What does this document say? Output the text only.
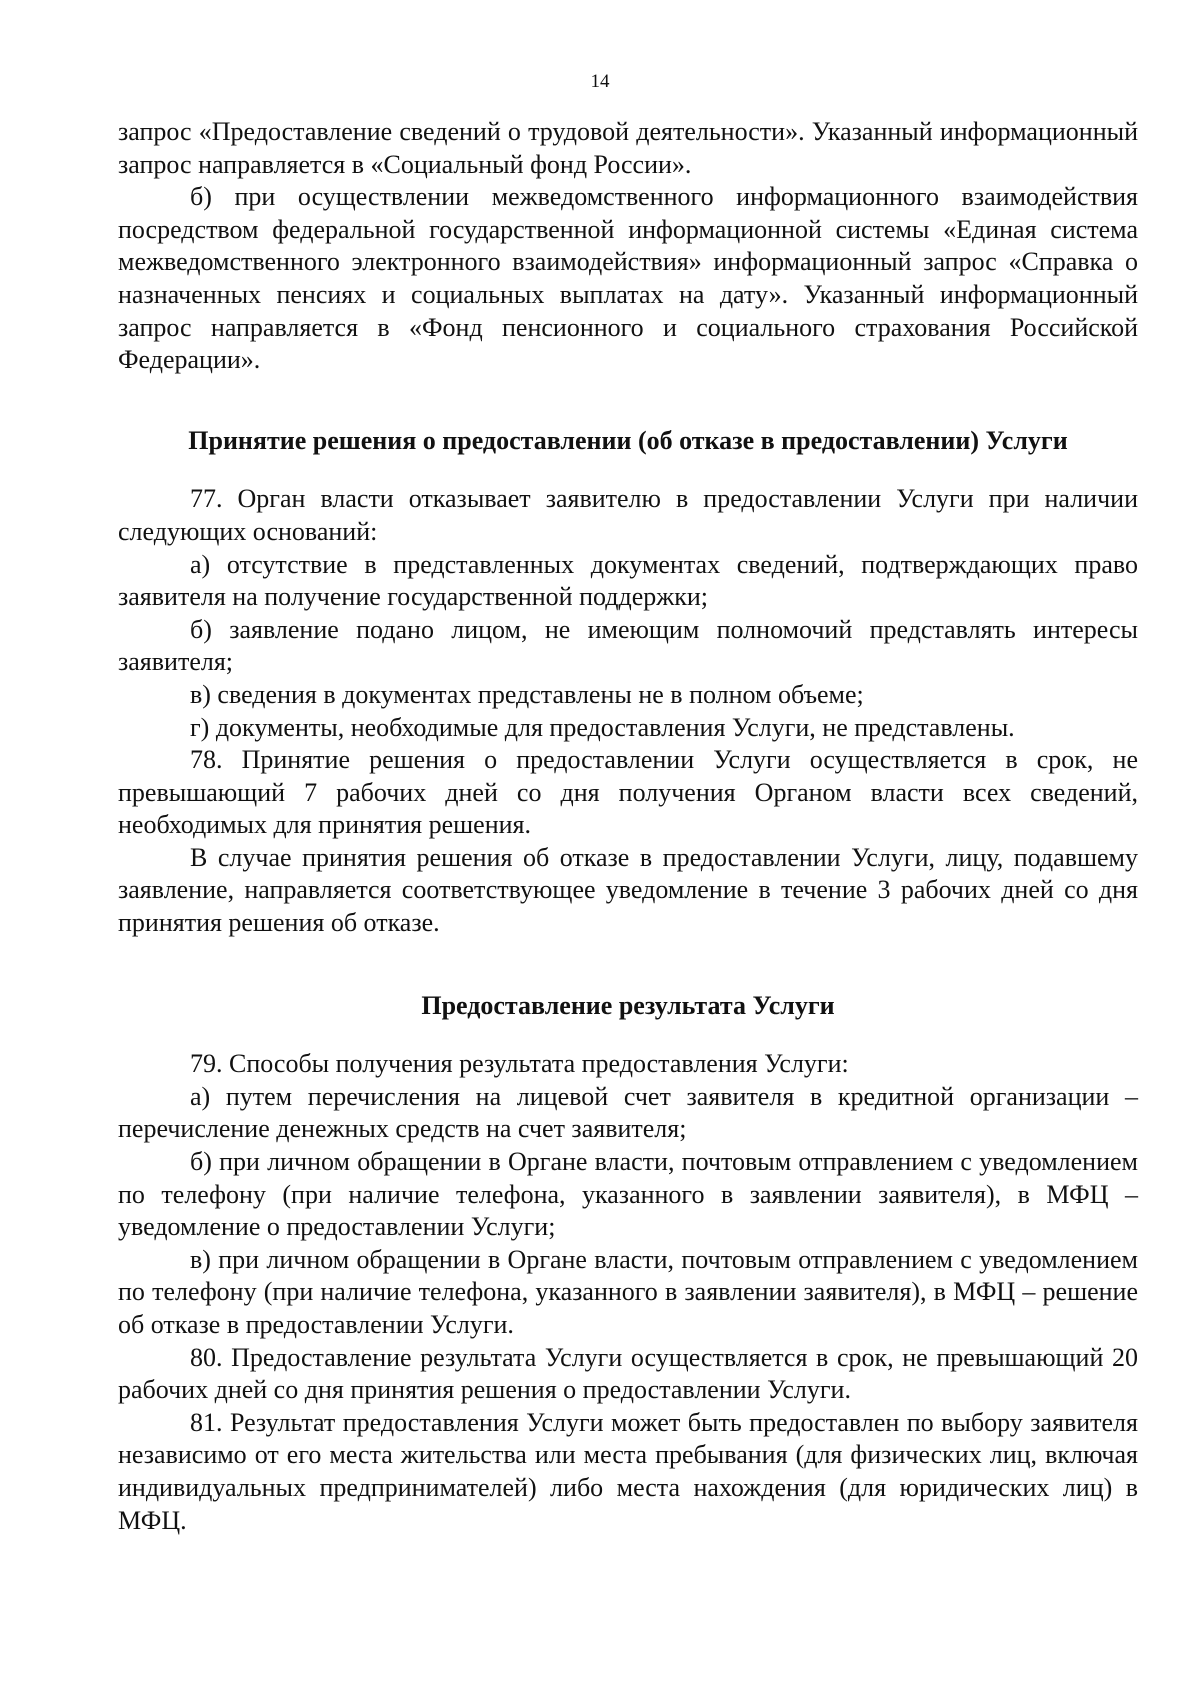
14

запрос «Предоставление сведений о трудовой деятельности». Указанный информационный запрос направляется в «Социальный фонд России».

б) при осуществлении межведомственного информационного взаимодействия посредством федеральной государственной информационной системы «Единая система межведомственного электронного взаимодействия» информационный запрос «Справка о назначенных пенсиях и социальных выплатах на дату». Указанный информационный запрос направляется в «Фонд пенсионного и социального страхования Российской Федерации».

Принятие решения о предоставлении (об отказе в предоставлении) Услуги

77. Орган власти отказывает заявителю в предоставлении Услуги при наличии следующих оснований:

а) отсутствие в представленных документах сведений, подтверждающих право заявителя на получение государственной поддержки;

б) заявление подано лицом, не имеющим полномочий представлять интересы заявителя;

в) сведения в документах представлены не в полном объеме;

г) документы, необходимые для предоставления Услуги, не представлены.

78. Принятие решения о предоставлении Услуги осуществляется в срок, не превышающий 7 рабочих дней со дня получения Органом власти всех сведений, необходимых для принятия решения.

В случае принятия решения об отказе в предоставлении Услуги, лицу, подавшему заявление, направляется соответствующее уведомление в течение 3 рабочих дней со дня принятия решения об отказе.

Предоставление результата Услуги

79. Способы получения результата предоставления Услуги:

а) путем перечисления на лицевой счет заявителя в кредитной организации – перечисление денежных средств на счет заявителя;

б) при личном обращении в Органе власти, почтовым отправлением с уведомлением по телефону (при наличие телефона, указанного в заявлении заявителя), в МФЦ – уведомление о предоставлении Услуги;

в) при личном обращении в Органе власти, почтовым отправлением с уведомлением по телефону (при наличие телефона, указанного в заявлении заявителя), в МФЦ – решение об отказе в предоставлении Услуги.

80. Предоставление результата Услуги осуществляется в срок, не превышающий 20 рабочих дней со дня принятия решения о предоставлении Услуги.

81. Результат предоставления Услуги может быть предоставлен по выбору заявителя независимо от его места жительства или места пребывания (для физических лиц, включая индивидуальных предпринимателей) либо места нахождения (для юридических лиц) в МФЦ.
